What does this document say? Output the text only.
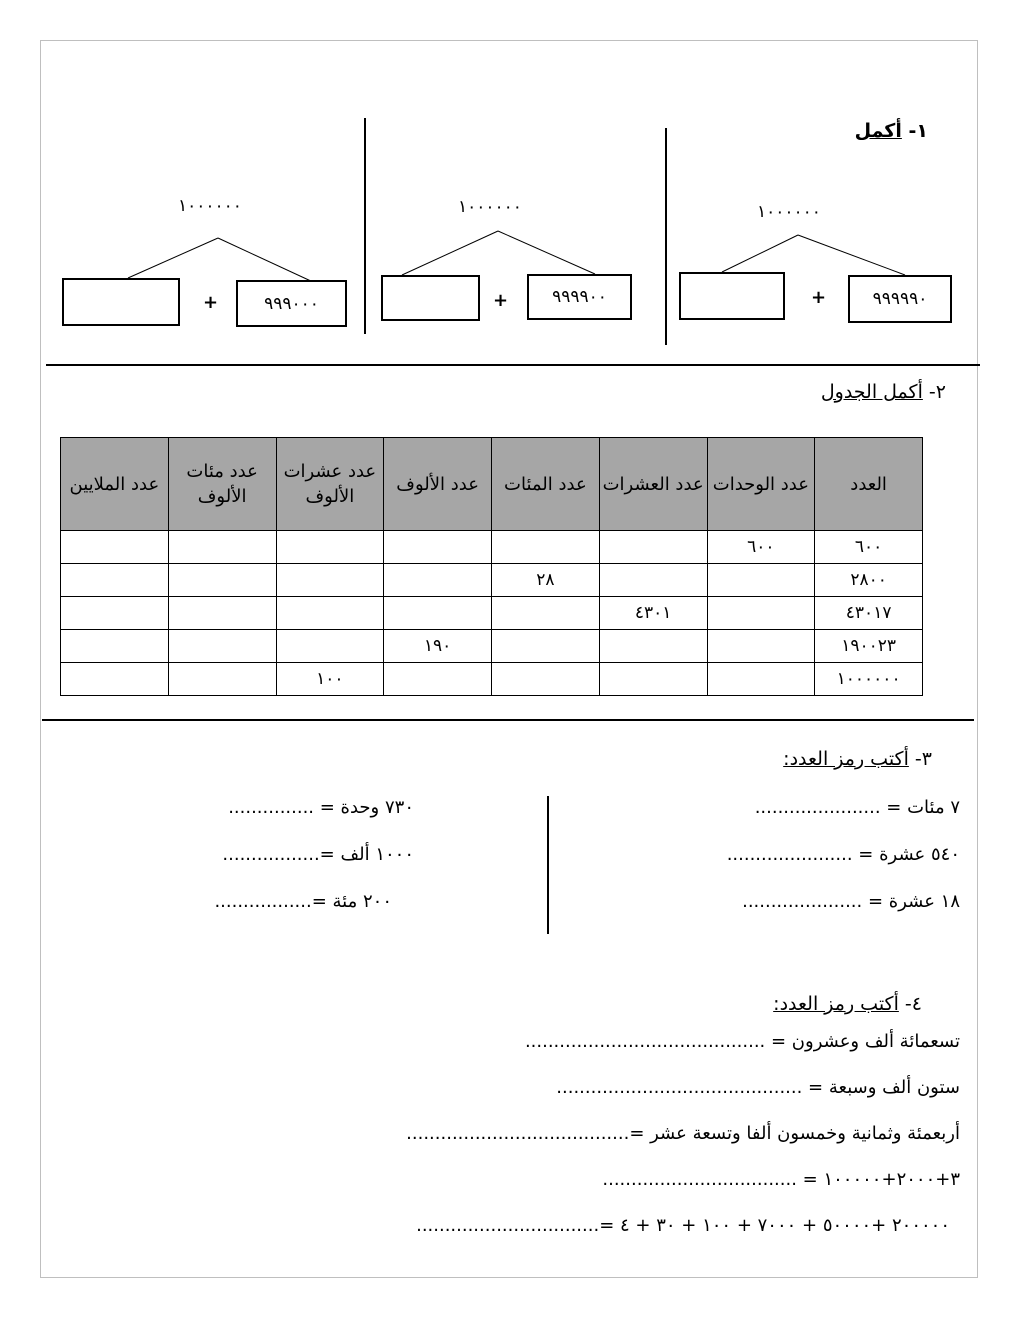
١- أكمل
١٠٠٠٠٠٠
٩٩٩٩٩٠
+
١٠٠٠٠٠٠
٩٩٩٩٠٠
+
١٠٠٠٠٠٠
٩٩٩٠٠٠
+
٢- أكمل الجدول
العدد	عدد الوحدات	عدد العشرات	عدد المئات	عدد الألوف	عدد عشرات الألوف	عدد مئات الألوف	عدد الملايين
٦٠٠	٦٠٠						
٢٨٠٠			٢٨				
٤٣٠١٧		٤٣٠١					
١٩٠٠٢٣				١٩٠			
١٠٠٠٠٠٠					١٠٠		
٣- أكتب رمز العدد:
٧ مئات = ......................
٥٤٠ عشرة = ......................
١٨ عشرة = .....................
٧٣٠ وحدة = ...............
١٠٠٠ ألف =.................
٢٠٠ مئة =.................
٤- أكتب رمز العدد:
تسعمائة ألف وعشرون = ..........................................
ستون ألف وسبعة = ...........................................
أربعمئة وثمانية وخمسون ألفا وتسعة عشر =.......................................
٣+٢٠٠٠+١٠٠٠٠٠ = ..................................
٢٠٠٠٠٠ +٥٠٠٠٠ + ٧٠٠٠ + ١٠٠ + ٣٠ + ٤ =................................
